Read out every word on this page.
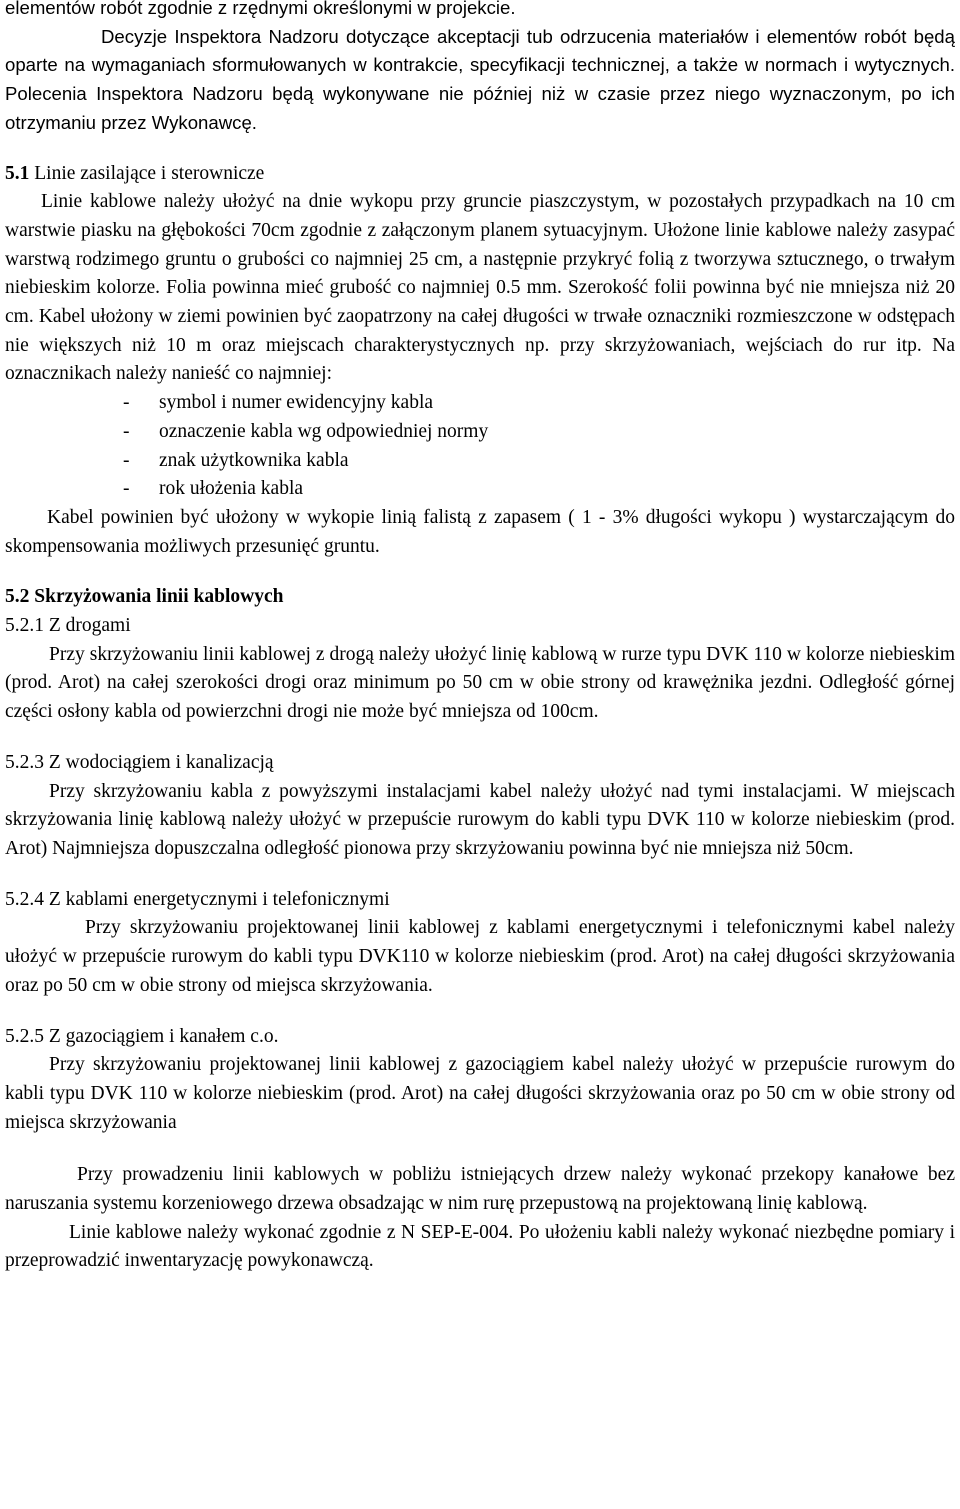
elementów robót zgodnie z rzędnymi określonymi w projekcie.

Decyzje Inspektora Nadzoru dotyczące akceptacji tub odrzucenia materiałów i elementów robót będą oparte na wymaganiach sformułowanych w kontrakcie, specyfikacji technicznej, a także w normach i wytycznych. Polecenia Inspektora Nadzoru będą wykonywane nie później niż w czasie przez niego wyznaczonym, po ich otrzymaniu przez Wykonawcę.

5.1 Linie zasilające i sterownicze

Linie kablowe należy ułożyć na dnie wykopu przy gruncie piaszczystym, w pozostałych przypadkach na 10 cm warstwie piasku na głębokości 70cm zgodnie z załączonym planem sytuacyjnym. Ułożone linie kablowe należy zasypać warstwą rodzimego gruntu o grubości co najmniej 25 cm, a następnie przykryć folią z tworzywa sztucznego, o trwałym niebieskim kolorze. Folia powinna mieć grubość co najmniej 0.5 mm. Szerokość folii powinna być nie mniejsza niż 20 cm. Kabel ułożony w ziemi powinien być zaopatrzony na całej długości w trwałe oznaczniki rozmieszczone w odstępach nie większych niż 10 m oraz miejscach charakterystycznych np. przy skrzyżowaniach, wejściach do rur itp. Na oznacznikach należy nanieść co najmniej:

- symbol i numer ewidencyjny kabla
- oznaczenie kabla wg odpowiedniej normy
- znak użytkownika kabla
- rok ułożenia kabla

Kabel powinien być ułożony w wykopie linią falistą z zapasem ( 1 - 3% długości wykopu ) wystarczającym do skompensowania możliwych przesunięć gruntu.

5.2 Skrzyżowania linii kablowych
5.2.1 Z drogami

Przy skrzyżowaniu linii kablowej z drogą należy ułożyć linię kablową w rurze typu DVK 110 w kolorze niebieskim (prod. Arot) na całej szerokości drogi oraz minimum po 50 cm w obie strony od krawężnika jezdni. Odległość górnej części osłony kabla od powierzchni drogi nie może być mniejsza od 100cm.

5.2.3 Z wodociągiem i kanalizacją

Przy skrzyżowaniu kabla z powyższymi instalacjami kabel należy ułożyć nad tymi instalacjami. W miejscach skrzyżowania linię kablową należy ułożyć w przepuście rurowym do kabli typu DVK 110 w kolorze niebieskim (prod. Arot) Najmniejsza dopuszczalna odległość pionowa przy skrzyżowaniu powinna być nie mniejsza niż 50cm.

5.2.4 Z kablami energetycznymi i telefonicznymi

Przy skrzyżowaniu projektowanej linii kablowej z kablami energetycznymi i telefonicznymi kabel należy ułożyć w przepuście rurowym do kabli typu DVK110 w kolorze niebieskim (prod. Arot) na całej długości skrzyżowania oraz po 50 cm w obie strony od miejsca skrzyżowania.

5.2.5 Z gazociągiem i kanałem c.o.

Przy skrzyżowaniu projektowanej linii kablowej z gazociągiem kabel należy ułożyć w przepuście rurowym do kabli typu DVK 110 w kolorze niebieskim (prod. Arot) na całej długości skrzyżowania oraz po 50 cm w obie strony od miejsca skrzyżowania

Przy prowadzeniu linii kablowych w pobliżu istniejących drzew należy wykonać przekopy kanałowe bez naruszania systemu korzeniowego drzewa obsadzając w nim rurę przepustową na projektowaną linię kablową.

Linie kablowe należy wykonać zgodnie z N SEP-E-004. Po ułożeniu kabli należy wykonać niezbędne pomiary i przeprowadzić inwentaryzację powykonawczą.
